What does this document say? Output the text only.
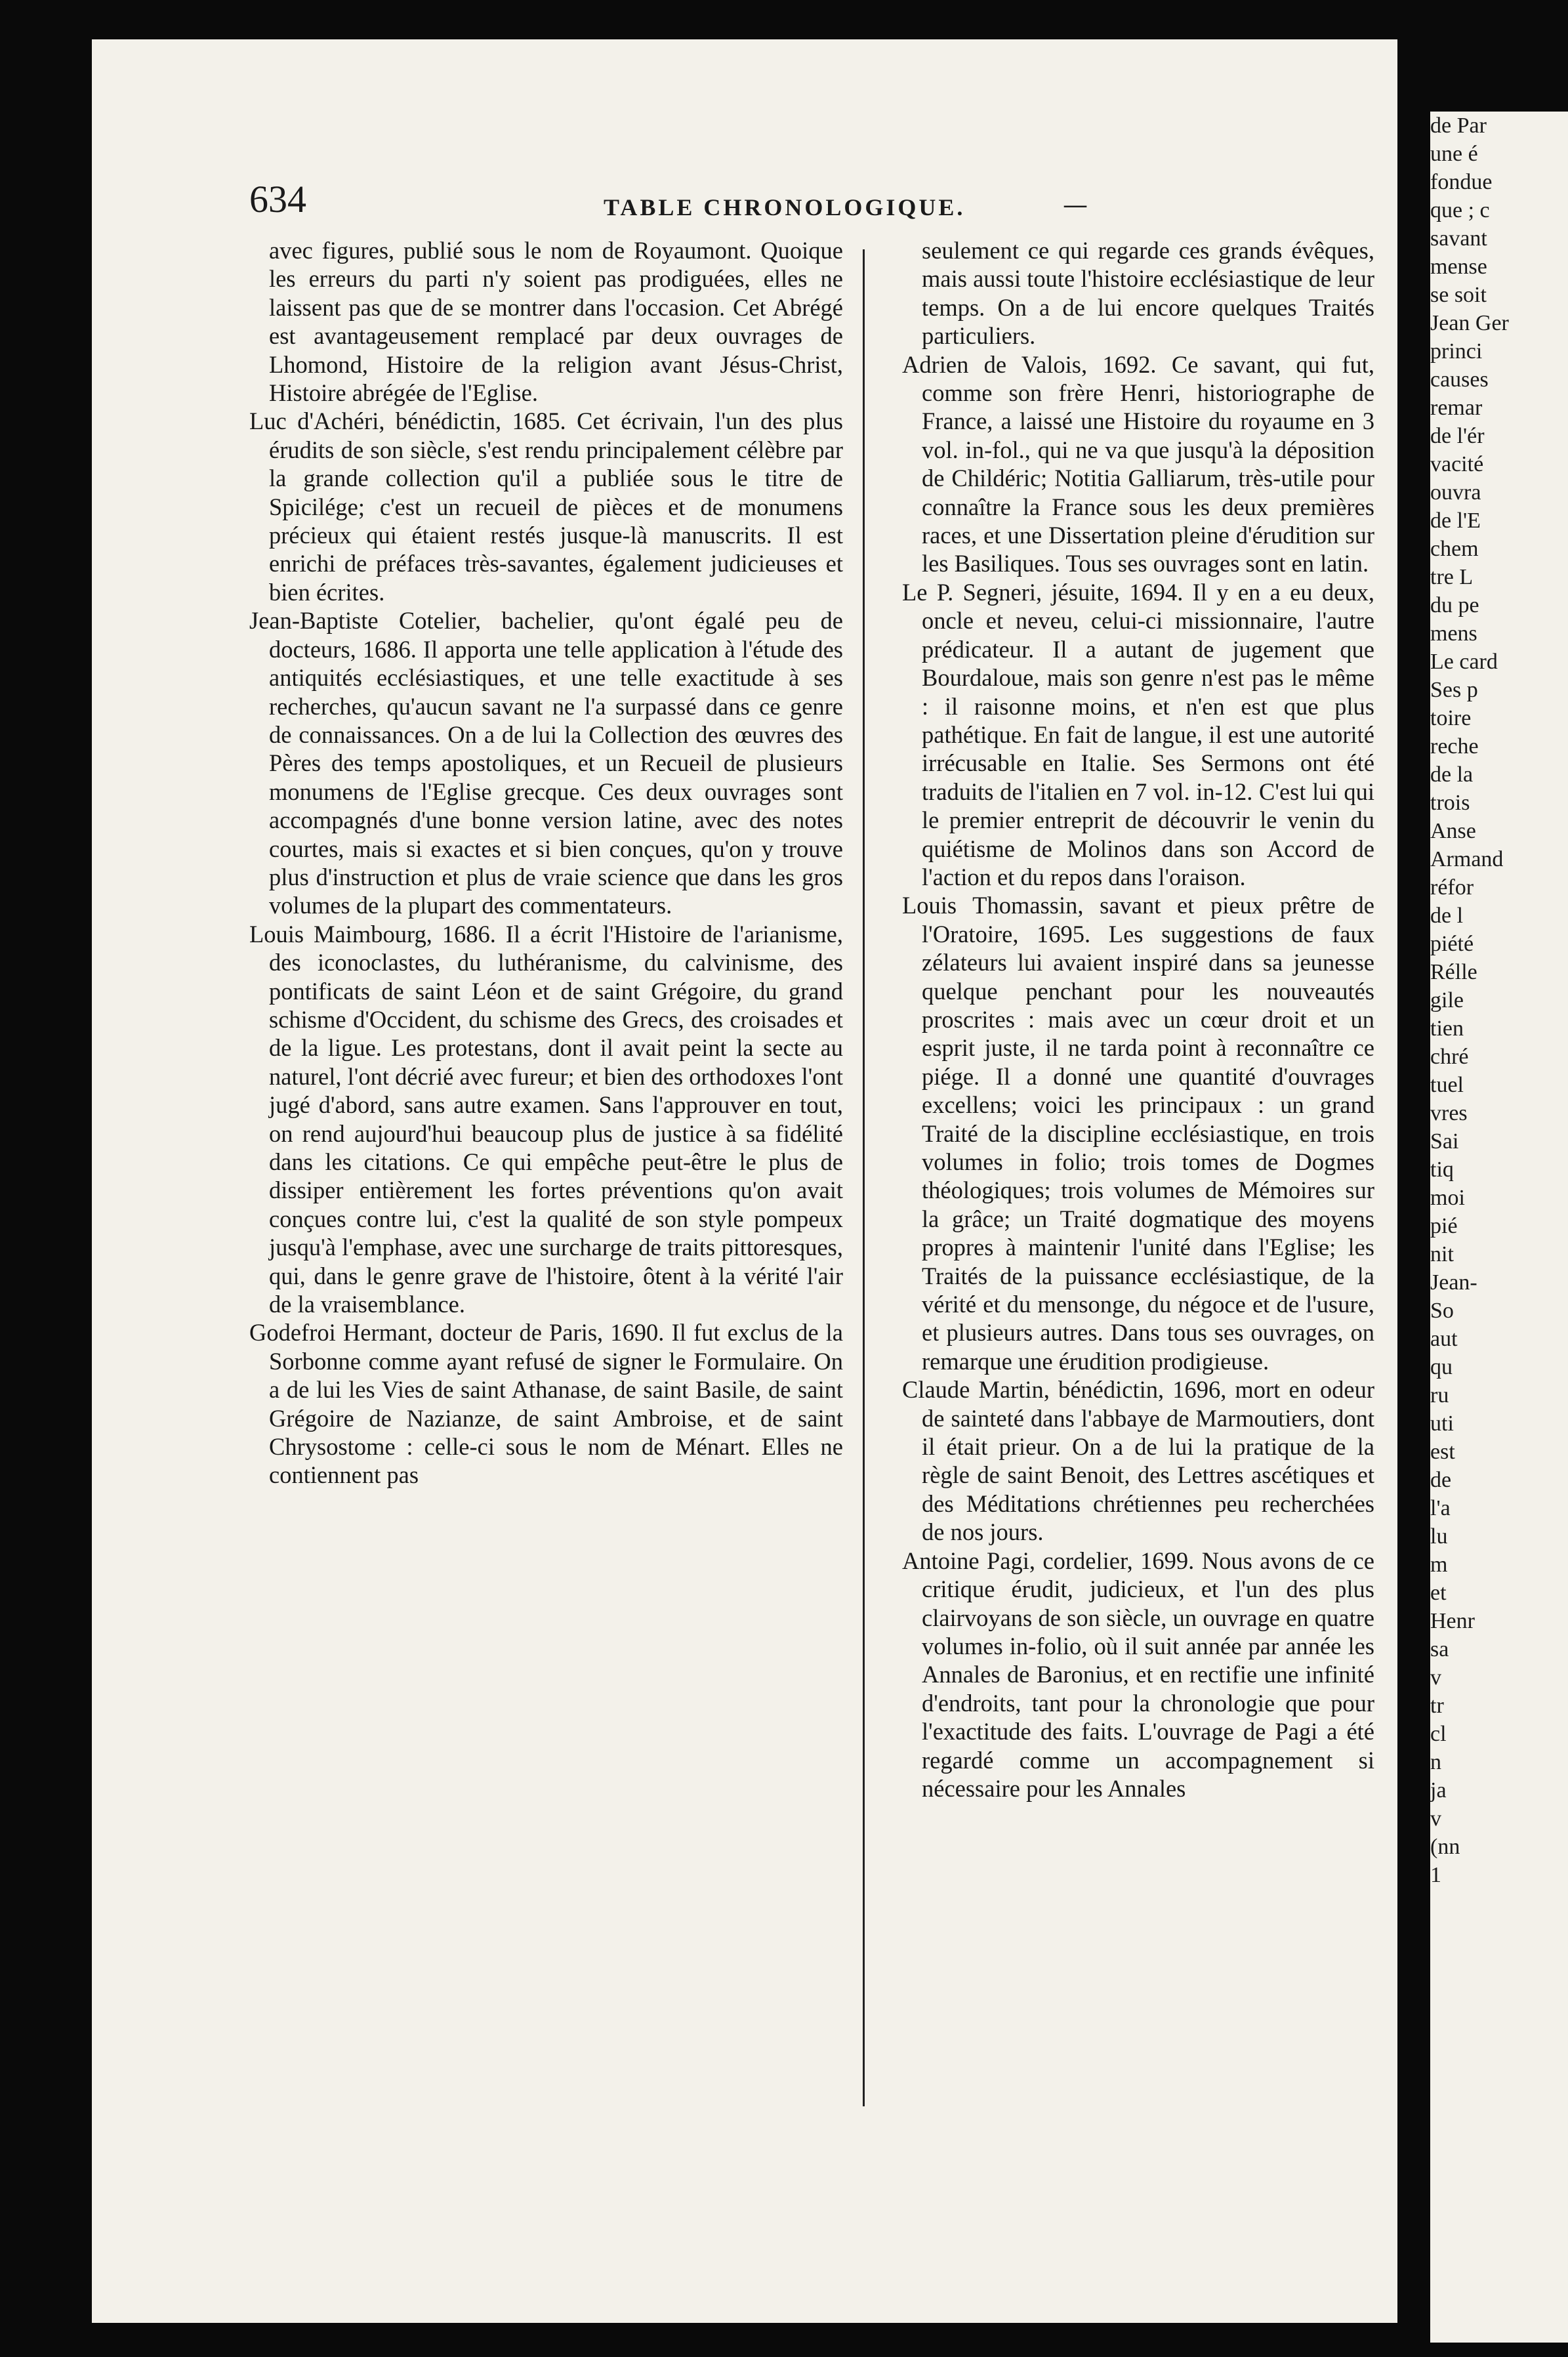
634	TABLE CHRONOLOGIQUE.	—

avec figures, publié sous le nom de Royaumont. Quoique les erreurs du parti n'y soient pas prodiguées, elles ne laissent pas que de se montrer dans l'occasion. Cet Abrégé est avantageusement remplacé par deux ouvrages de Lhomond, Histoire de la religion avant Jésus-Christ, Histoire abrégée de l'Eglise.

Luc d'Achéri, bénédictin, 1685. Cet écrivain, l'un des plus érudits de son siècle, s'est rendu principalement célèbre par la grande collection qu'il a publiée sous le titre de Spicilége; c'est un recueil de pièces et de monumens précieux qui étaient restés jusque-là manuscrits. Il est enrichi de préfaces très-savantes, également judicieuses et bien écrites.

Jean-Baptiste Cotelier, bachelier, qu'ont égalé peu de docteurs, 1686. Il apporta une telle application à l'étude des antiquités ecclésiastiques, et une telle exactitude à ses recherches, qu'aucun savant ne l'a surpassé dans ce genre de connaissances. On a de lui la Collection des œuvres des Pères des temps apostoliques, et un Recueil de plusieurs monumens de l'Eglise grecque. Ces deux ouvrages sont accompagnés d'une bonne version latine, avec des notes courtes, mais si exactes et si bien conçues, qu'on y trouve plus d'instruction et plus de vraie science que dans les gros volumes de la plupart des commentateurs.

Louis Maimbourg, 1686. Il a écrit l'Histoire de l'arianisme, des iconoclastes, du luthéranisme, du calvinisme, des pontificats de saint Léon et de saint Grégoire, du grand schisme d'Occident, du schisme des Grecs, des croisades et de la ligue. Les protestans, dont il avait peint la secte au naturel, l'ont décrié avec fureur; et bien des orthodoxes l'ont jugé d'abord, sans autre examen. Sans l'approuver en tout, on rend aujourd'hui beaucoup plus de justice à sa fidélité dans les citations. Ce qui empêche peut-être le plus de dissiper entièrement les fortes préventions qu'on avait conçues contre lui, c'est la qualité de son style pompeux jusqu'à l'emphase, avec une surcharge de traits pittoresques, qui, dans le genre grave de l'histoire, ôtent à la vérité l'air de la vraisemblance.

Godefroi Hermant, docteur de Paris, 1690. Il fut exclus de la Sorbonne comme ayant refusé de signer le Formulaire. On a de lui les Vies de saint Athanase, de saint Basile, de saint Grégoire de Nazianze, de saint Ambroise, et de saint Chrysostome : celle-ci sous le nom de Ménart. Elles ne contiennent pas

seulement ce qui regarde ces grands évêques, mais aussi toute l'histoire ecclésiastique de leur temps. On a de lui encore quelques Traités particuliers.

Adrien de Valois, 1692. Ce savant, qui fut, comme son frère Henri, historiographe de France, a laissé une Histoire du royaume en 3 vol. in-fol., qui ne va que jusqu'à la déposition de Childéric; Notitia Galliarum, très-utile pour connaître la France sous les deux premières races, et une Dissertation pleine d'érudition sur les Basiliques. Tous ses ouvrages sont en latin.

Le P. Segneri, jésuite, 1694. Il y en a eu deux, oncle et neveu, celui-ci missionnaire, l'autre prédicateur. Il a autant de jugement que Bourdaloue, mais son genre n'est pas le même : il raisonne moins, et n'en est que plus pathétique. En fait de langue, il est une autorité irrécusable en Italie. Ses Sermons ont été traduits de l'italien en 7 vol. in-12. C'est lui qui le premier entreprit de découvrir le venin du quiétisme de Molinos dans son Accord de l'action et du repos dans l'oraison.

Louis Thomassin, savant et pieux prêtre de l'Oratoire, 1695. Les suggestions de faux zélateurs lui avaient inspiré dans sa jeunesse quelque penchant pour les nouveautés proscrites : mais avec un cœur droit et un esprit juste, il ne tarda point à reconnaître ce piége. Il a donné une quantité d'ouvrages excellens; voici les principaux : un grand Traité de la discipline ecclésiastique, en trois volumes in folio; trois tomes de Dogmes théologiques; trois volumes de Mémoires sur la grâce; un Traité dogmatique des moyens propres à maintenir l'unité dans l'Eglise; les Traités de la puissance ecclésiastique, de la vérité et du mensonge, du négoce et de l'usure, et plusieurs autres. Dans tous ses ouvrages, on remarque une érudition prodigieuse.

Claude Martin, bénédictin, 1696, mort en odeur de sainteté dans l'abbaye de Marmoutiers, dont il était prieur. On a de lui la pratique de la règle de saint Benoit, des Lettres ascétiques et des Méditations chrétiennes peu recherchées de nos jours.

Antoine Pagi, cordelier, 1699. Nous avons de ce critique érudit, judicieux, et l'un des plus clairvoyans de son siècle, un ouvrage en quatre volumes in-folio, où il suit année par année les Annales de Baronius, et en rectifie une infinité d'endroits, tant pour la chronologie que pour l'exactitude des faits. L'ouvrage de Pagi a été regardé comme un accompagnement si nécessaire pour les Annales

de Par
une é
fondue
que ; c
savant
mense
se soit
Jean Ger
princi
causes
remar
de l'ér
vacité
ouvra
de l'E
chem
tre L
du pe
mens
Le card
Ses p
toire
reche
de la
trois
Anse
Armand
réfor
de l
piété
Rélle
gile
tien
chré
tuel
vres
Sai
tiq
moi
pié
nit
Jean-
So
aut
qu
ru
uti
est
de
l'a
lu
m
et
Henr
sa
v
tr
cl
n
ja
v
(nn
1
